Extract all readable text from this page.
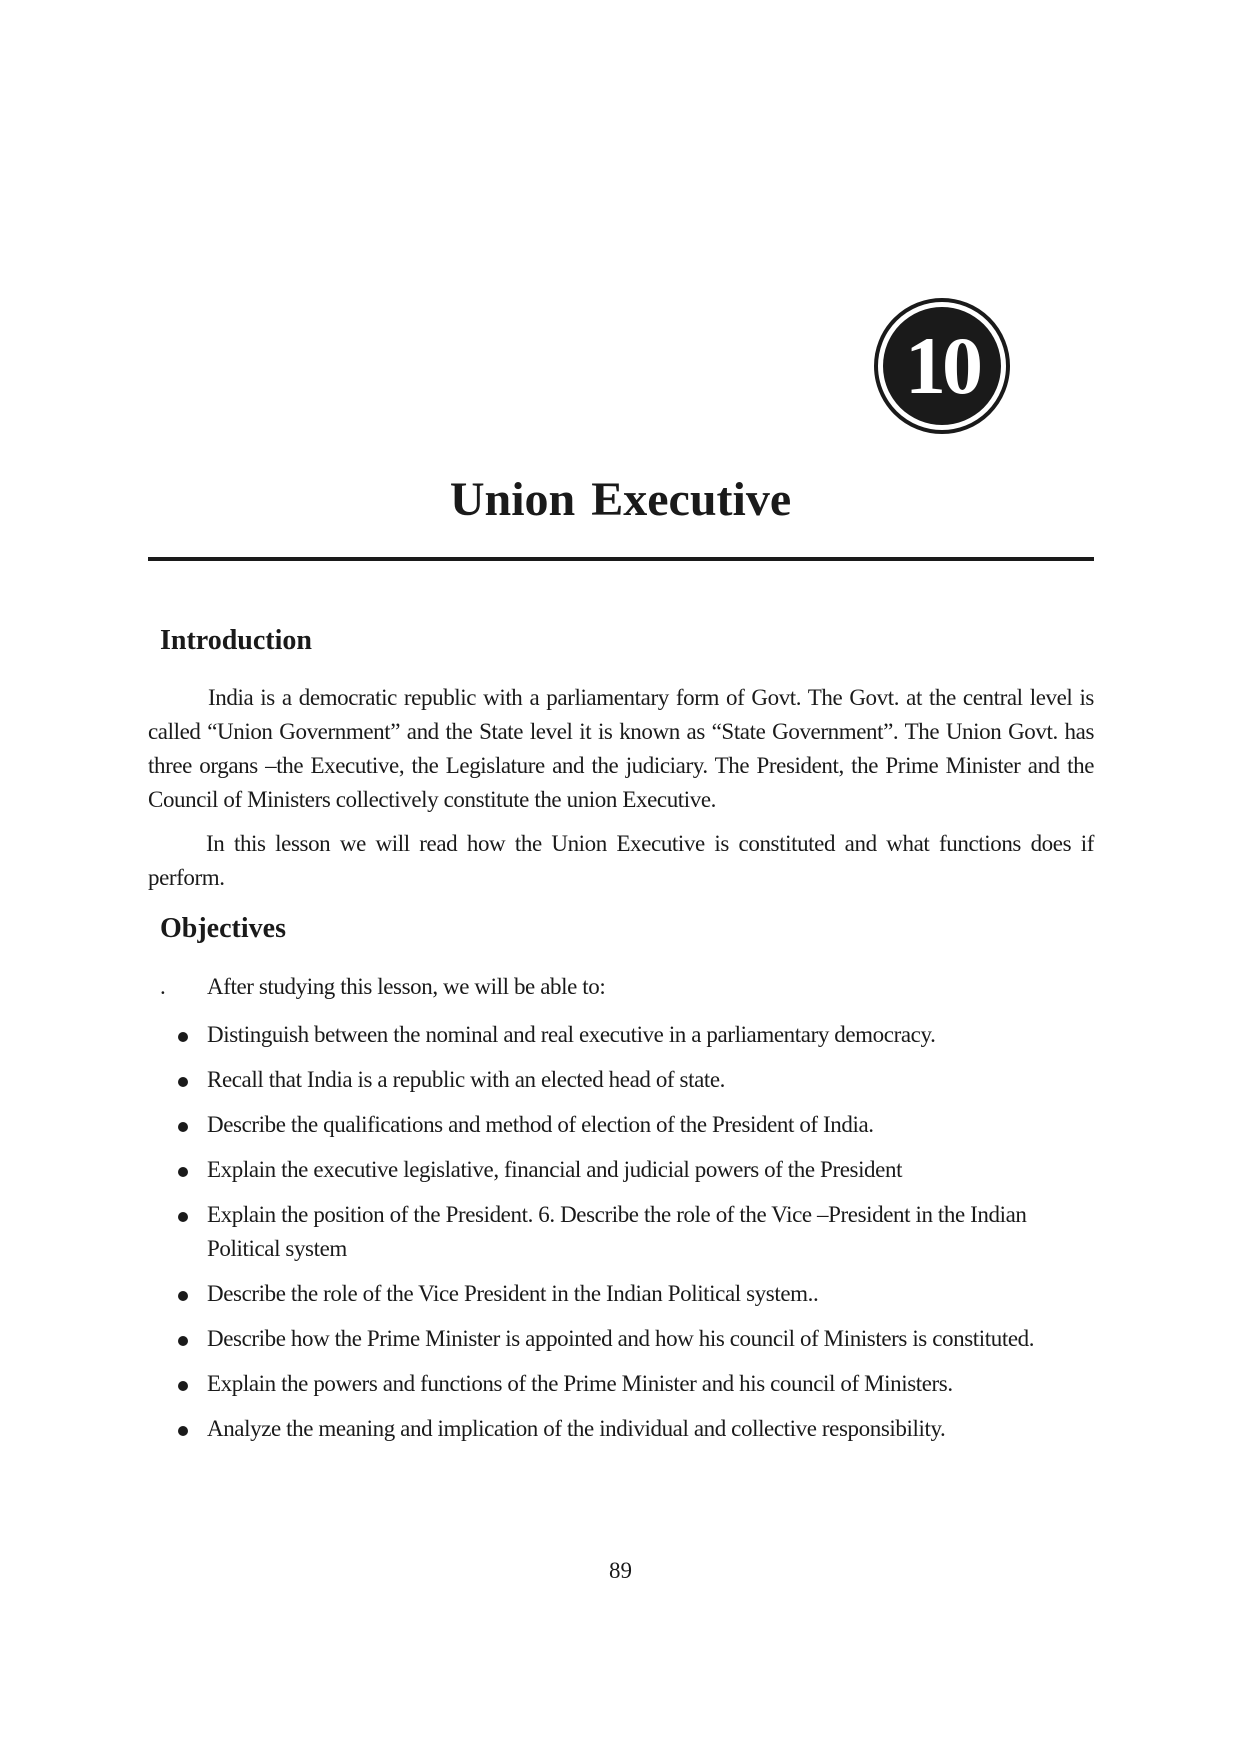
10
Union Executive
Introduction

India is a democratic republic with a parliamentary form of Govt. The Govt. at the central level is called “Union Government” and the State level it is known as “State Government”. The Union Govt. has three organs –the Executive, the Legislature and the judiciary. The President, the Prime Minister and the Council of Ministers collectively constitute the union Executive.

In this lesson we will read how the Union Executive is constituted and what functions does if perform.

Objectives
. After studying this lesson, we will be able to:
Distinguish between the nominal and real executive in a parliamentary democracy.
Recall that India is a republic with an elected head of state.
Describe the qualifications and method of election of the President of India.
Explain the executive legislative, financial and judicial powers of the President
Explain the position of the President. 6. Describe the role of the Vice –President in the Indian Political system
Describe the role of the Vice President in the Indian Political system..
Describe how the Prime Minister is appointed and how his council of Ministers is constituted.
Explain the powers and functions of the Prime Minister and his council of Ministers.
Analyze the meaning and implication of the individual and collective responsibility.

89
